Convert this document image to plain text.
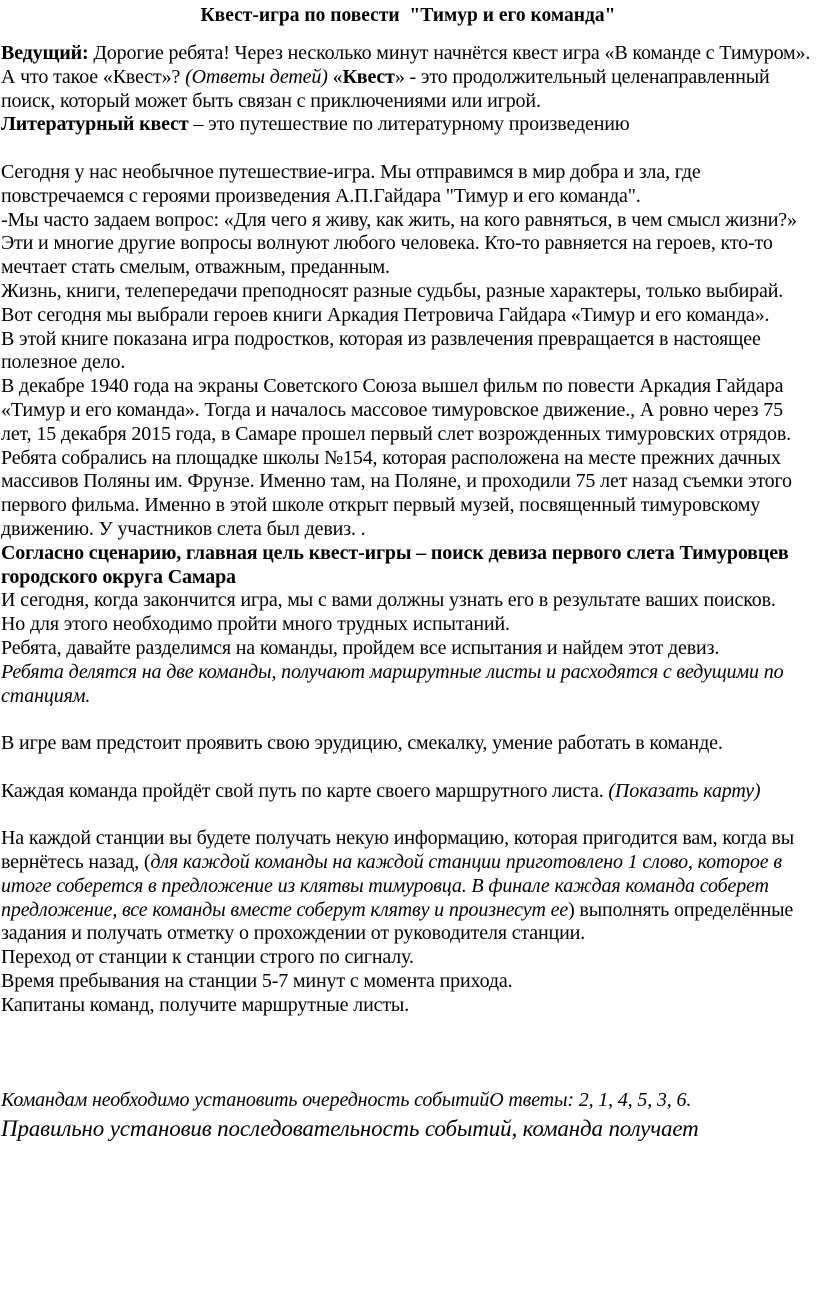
Квест-игра по повести  "Тимур и его команда"

Ведущий: Дорогие ребята! Через несколько минут начнётся квест игра «В команде с Тимуром». А что такое «Квест»? (Ответы детей) «Квест» - это продолжительный целенаправленный поиск, который может быть связан с приключениями или игрой.

Литературный квест – это путешествие по литературному произведению

Сегодня у нас необычное путешествие-игра. Мы отправимся в мир добра и зла, где повстречаемся с героями произведения А.П.Гайдара "Тимур и его команда".

-Мы часто задаем вопрос: «Для чего я живу, как жить, на кого равняться, в чем смысл жизни?»

Эти и многие другие вопросы волнуют любого человека. Кто-то равняется на героев, кто-то мечтает стать смелым, отважным, преданным.

Жизнь, книги, телепередачи преподносят разные судьбы, разные характеры, только выбирай. Вот сегодня мы выбрали героев книги Аркадия Петровича Гайдара «Тимур и его команда».

В этой книге показана игра подростков, которая из развлечения превращается в настоящее полезное дело.

В декабре 1940 года на экраны Советского Союза вышел фильм по повести Аркадия Гайдара «Тимур и его команда». Тогда и началось массовое тимуровское движение., А ровно через 75 лет, 15 декабря 2015 года, в Самаре прошел первый слет возрожденных тимуровских отрядов. Ребята собрались на площадке школы №154, которая расположена на месте прежних дачных массивов Поляны им. Фрунзе. Именно там, на Поляне, и проходили 75 лет назад съемки этого первого фильма. Именно в этой школе открыт первый музей, посвященный тимуровскому движению. У участников слета был девиз. .

Согласно сценарию, главная цель квест-игры – поиск девиза первого слета Тимуровцев городского округа Самара

И сегодня, когда закончится игра, мы с вами должны узнать его в результате ваших поисков.

Но для этого необходимо пройти много трудных испытаний.

Ребята, давайте разделимся на команды, пройдем все испытания и найдем этот девиз.

Ребята делятся на две команды, получают маршрутные листы и расходятся с ведущими по станциям.

В игре вам предстоит проявить свою эрудицию, смекалку, умение работать в команде.

Каждая команда пройдёт свой путь по карте своего маршрутного листа. (Показать карту)

На каждой станции вы будете получать некую информацию, которая пригодится вам, когда вы вернётесь назад, (для каждой команды на каждой станции приготовлено 1 слово, которое в итоге соберется в предложение из клятвы тимуровца. В финале каждая команда соберет предложение, все команды вместе соберут клятву и произнесут ее) выполнять определённые задания и получать отметку о прохождении от руководителя станции.

Переход от станции к станции строго по сигналу.

Время пребывания на станции 5-7 минут с момента прихода.

Капитаны команд, получите маршрутные листы.

Командам необходимо установить очередность событийО тветы: 2, 1, 4, 5, 3, 6.

Правильно установив последовательность событий, команда получает
